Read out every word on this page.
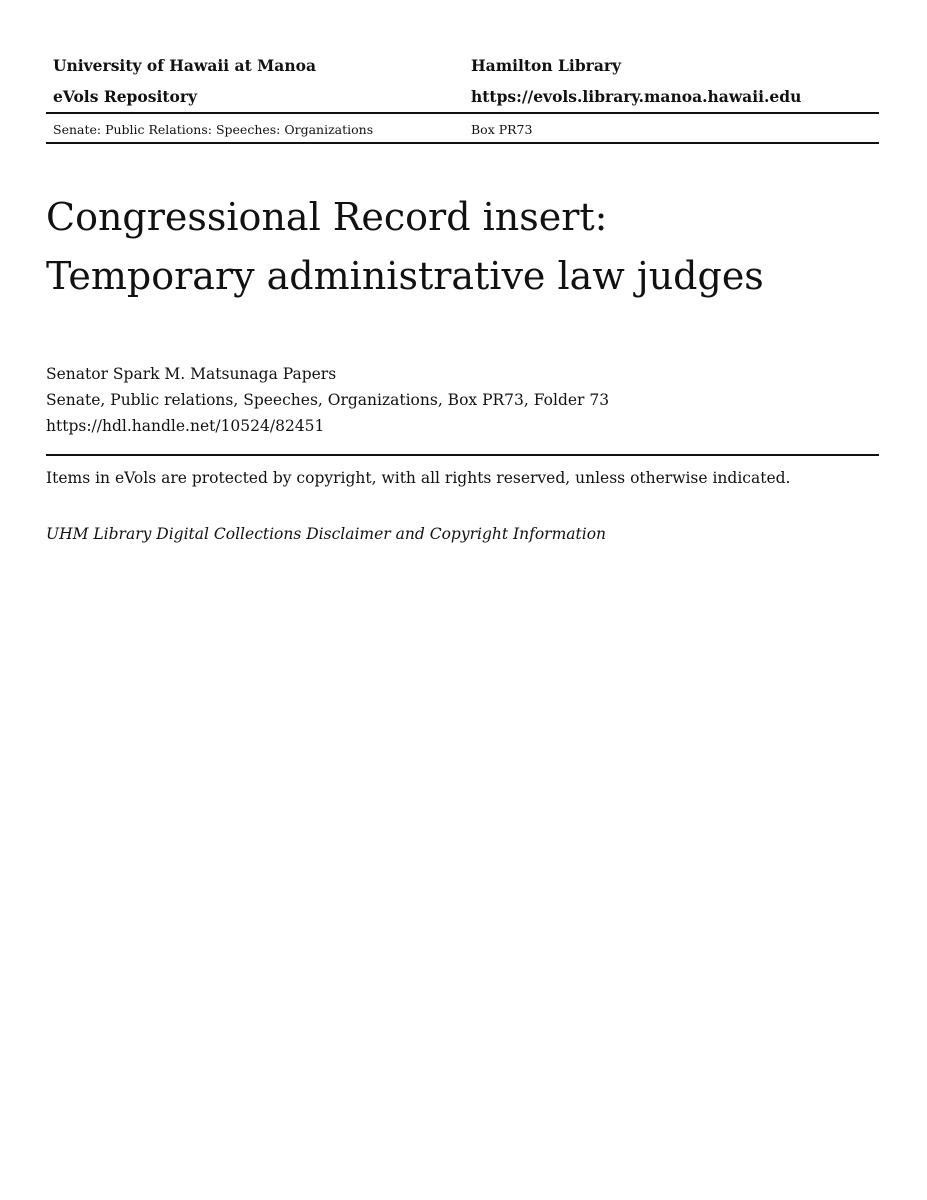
University of Hawaii at Manoa	Hamilton Library
eVols Repository	https://evols.library.manoa.hawaii.edu
Senate: Public Relations: Speeches: Organizations	Box PR73
Congressional Record insert:
Temporary administrative law judges
Senator Spark M. Matsunaga Papers
Senate, Public relations, Speeches, Organizations, Box PR73, Folder 73
https://hdl.handle.net/10524/82451
Items in eVols are protected by copyright, with all rights reserved, unless otherwise indicated.
UHM Library Digital Collections Disclaimer and Copyright Information
